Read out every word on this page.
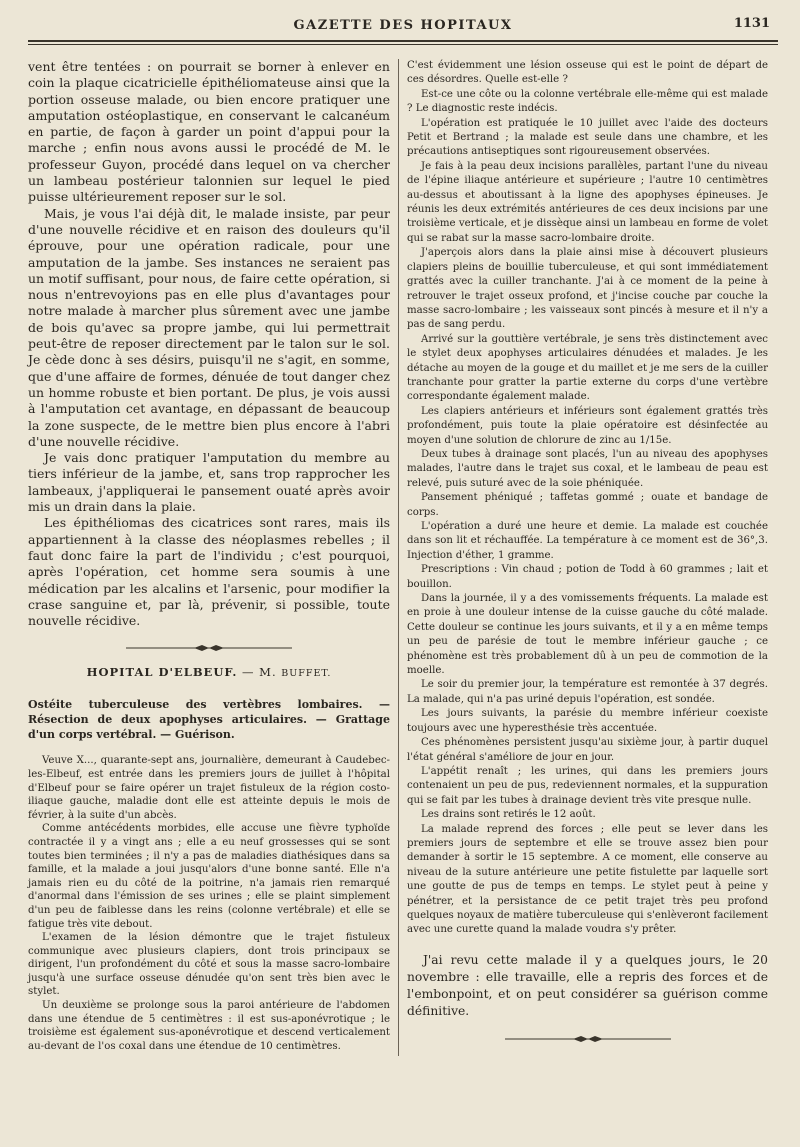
GAZETTE DES HOPITAUX	1131

vent être tentées : on pourrait se borner à enlever en coin la plaque cicatricielle épithéliomateuse ainsi que la portion osseuse malade, ou bien encore pratiquer une amputation ostéoplastique, en conservant le calcanéum en partie, de façon à garder un point d'appui pour la marche ; enfin nous avons aussi le procédé de M. le professeur Guyon, procédé dans lequel on va chercher un lambeau postérieur talonnien sur lequel le pied puisse ultérieurement reposer sur le sol.

Mais, je vous l'ai déjà dit, le malade insiste, par peur d'une nouvelle récidive et en raison des douleurs qu'il éprouve, pour une opération radicale, pour une amputation de la jambe. Ses instances ne seraient pas un motif suffisant, pour nous, de faire cette opération, si nous n'entrevoyions pas en elle plus d'avantages pour notre malade à marcher plus sûrement avec une jambe de bois qu'avec sa propre jambe, qui lui permettrait peut-être de reposer directement par le talon sur le sol. Je cède donc à ses désirs, puisqu'il ne s'agit, en somme, que d'une affaire de formes, dénuée de tout danger chez un homme robuste et bien portant. De plus, je vois aussi à l'amputation cet avantage, en dépassant de beaucoup la zone suspecte, de le mettre bien plus encore à l'abri d'une nouvelle récidive.

Je vais donc pratiquer l'amputation du membre au tiers inférieur de la jambe, et, sans trop rapprocher les lambeaux, j'appliquerai le pansement ouaté après avoir mis un drain dans la plaie.

Les épithéliomas des cicatrices sont rares, mais ils appartiennent à la classe des néoplasmes rebelles ; il faut donc faire la part de l'individu ; c'est pourquoi, après l'opération, cet homme sera soumis à une médication par les alcalins et l'arsenic, pour modifier la crase sanguine et, par là, prévenir, si possible, toute nouvelle récidive.

HOPITAL D'ELBEUF. — M. BUFFET.

Ostéite tuberculeuse des vertèbres lombaires. — Résection de deux apophyses articulaires. — Grattage d'un corps vertébral. — Guérison.

Veuve X..., quarante-sept ans, journalière, demeurant à Caudebec-les-Elbeuf, est entrée dans les premiers jours de juillet à l'hôpital d'Elbeuf pour se faire opérer un trajet fistuleux de la région costo-iliaque gauche, maladie dont elle est atteinte depuis le mois de février, à la suite d'un abcès.

Comme antécédents morbides, elle accuse une fièvre typhoïde contractée il y a vingt ans ; elle a eu neuf grossesses qui se sont toutes bien terminées ; il n'y a pas de maladies diathésiques dans sa famille, et la malade a joui jusqu'alors d'une bonne santé. Elle n'a jamais rien eu du côté de la poitrine, n'a jamais rien remarqué d'anormal dans l'émission de ses urines ; elle se plaint simplement d'un peu de faiblesse dans les reins (colonne vertébrale) et elle se fatigue très vite debout.

L'examen de la lésion démontre que le trajet fistuleux communique avec plusieurs clapiers, dont trois principaux se dirigent, l'un profondément du côté et sous la masse sacro-lombaire jusqu'à une surface osseuse dénudée qu'on sent très bien avec le stylet.

Un deuxième se prolonge sous la paroi antérieure de l'abdomen dans une étendue de 5 centimètres : il est sus-aponévrotique ; le troisième est également sus-aponévrotique et descend verticalement au-devant de l'os coxal dans une étendue de 10 centimètres.

C'est évidemment une lésion osseuse qui est le point de départ de ces désordres. Quelle est-elle ?

Est-ce une côte ou la colonne vertébrale elle-même qui est malade ? Le diagnostic reste indécis.

L'opération est pratiquée le 10 juillet avec l'aide des docteurs Petit et Bertrand ; la malade est seule dans une chambre, et les précautions antiseptiques sont rigoureusement observées.

Je fais à la peau deux incisions parallèles, partant l'une du niveau de l'épine iliaque antérieure et supérieure ; l'autre 10 centimètres au-dessus et aboutissant à la ligne des apophyses épineuses. Je réunis les deux extrémités antérieures de ces deux incisions par une troisième verticale, et je dissèque ainsi un lambeau en forme de volet qui se rabat sur la masse sacro-lombaire droite.

J'aperçois alors dans la plaie ainsi mise à découvert plusieurs clapiers pleins de bouillie tuberculeuse, et qui sont immédiatement grattés avec la cuiller tranchante. J'ai à ce moment de la peine à retrouver le trajet osseux profond, et j'incise couche par couche la masse sacro-lombaire ; les vaisseaux sont pincés à mesure et il n'y a pas de sang perdu.

Arrivé sur la gouttière vertébrale, je sens très distinctement avec le stylet deux apophyses articulaires dénudées et malades. Je les détache au moyen de la gouge et du maillet et je me sers de la cuiller tranchante pour gratter la partie externe du corps d'une vertèbre correspondante également malade.

Les clapiers antérieurs et inférieurs sont également grattés très profondément, puis toute la plaie opératoire est désinfectée au moyen d'une solution de chlorure de zinc au 1/15e.

Deux tubes à drainage sont placés, l'un au niveau des apophyses malades, l'autre dans le trajet sus coxal, et le lambeau de peau est relevé, puis suturé avec de la soie phéniquée.

Pansement phéniqué ; taffetas gommé ; ouate et bandage de corps.

L'opération a duré une heure et demie. La malade est couchée dans son lit et réchauffée. La température à ce moment est de 36°,3. Injection d'éther, 1 gramme.

Prescriptions : Vin chaud ; potion de Todd à 60 grammes ; lait et bouillon.

Dans la journée, il y a des vomissements fréquents. La malade est en proie à une douleur intense de la cuisse gauche du côté malade. Cette douleur se continue les jours suivants, et il y a en même temps un peu de parésie de tout le membre inférieur gauche ; ce phénomène est très probablement dû à un peu de commotion de la moelle.

Le soir du premier jour, la température est remontée à 37 degrés. La malade, qui n'a pas uriné depuis l'opération, est sondée.

Les jours suivants, la parésie du membre inférieur coexiste toujours avec une hyperesthésie très accentuée.

Ces phénomènes persistent jusqu'au sixième jour, à partir duquel l'état général s'améliore de jour en jour.

L'appétit renaît ; les urines, qui dans les premiers jours contenaient un peu de pus, redeviennent normales, et la suppuration qui se fait par les tubes à drainage devient très vite presque nulle.

Les drains sont retirés le 12 août.

La malade reprend des forces ; elle peut se lever dans les premiers jours de septembre et elle se trouve assez bien pour demander à sortir le 15 septembre. A ce moment, elle conserve au niveau de la suture antérieure une petite fistulette par laquelle sort une goutte de pus de temps en temps. Le stylet peut à peine y pénétrer, et la persistance de ce petit trajet très peu profond quelques noyaux de matière tuberculeuse qui s'enlèveront facilement avec une curette quand la malade voudra s'y prêter.

J'ai revu cette malade il y a quelques jours, le 20 novembre : elle travaille, elle a repris des forces et de l'embonpoint, et on peut considérer sa guérison comme définitive.
